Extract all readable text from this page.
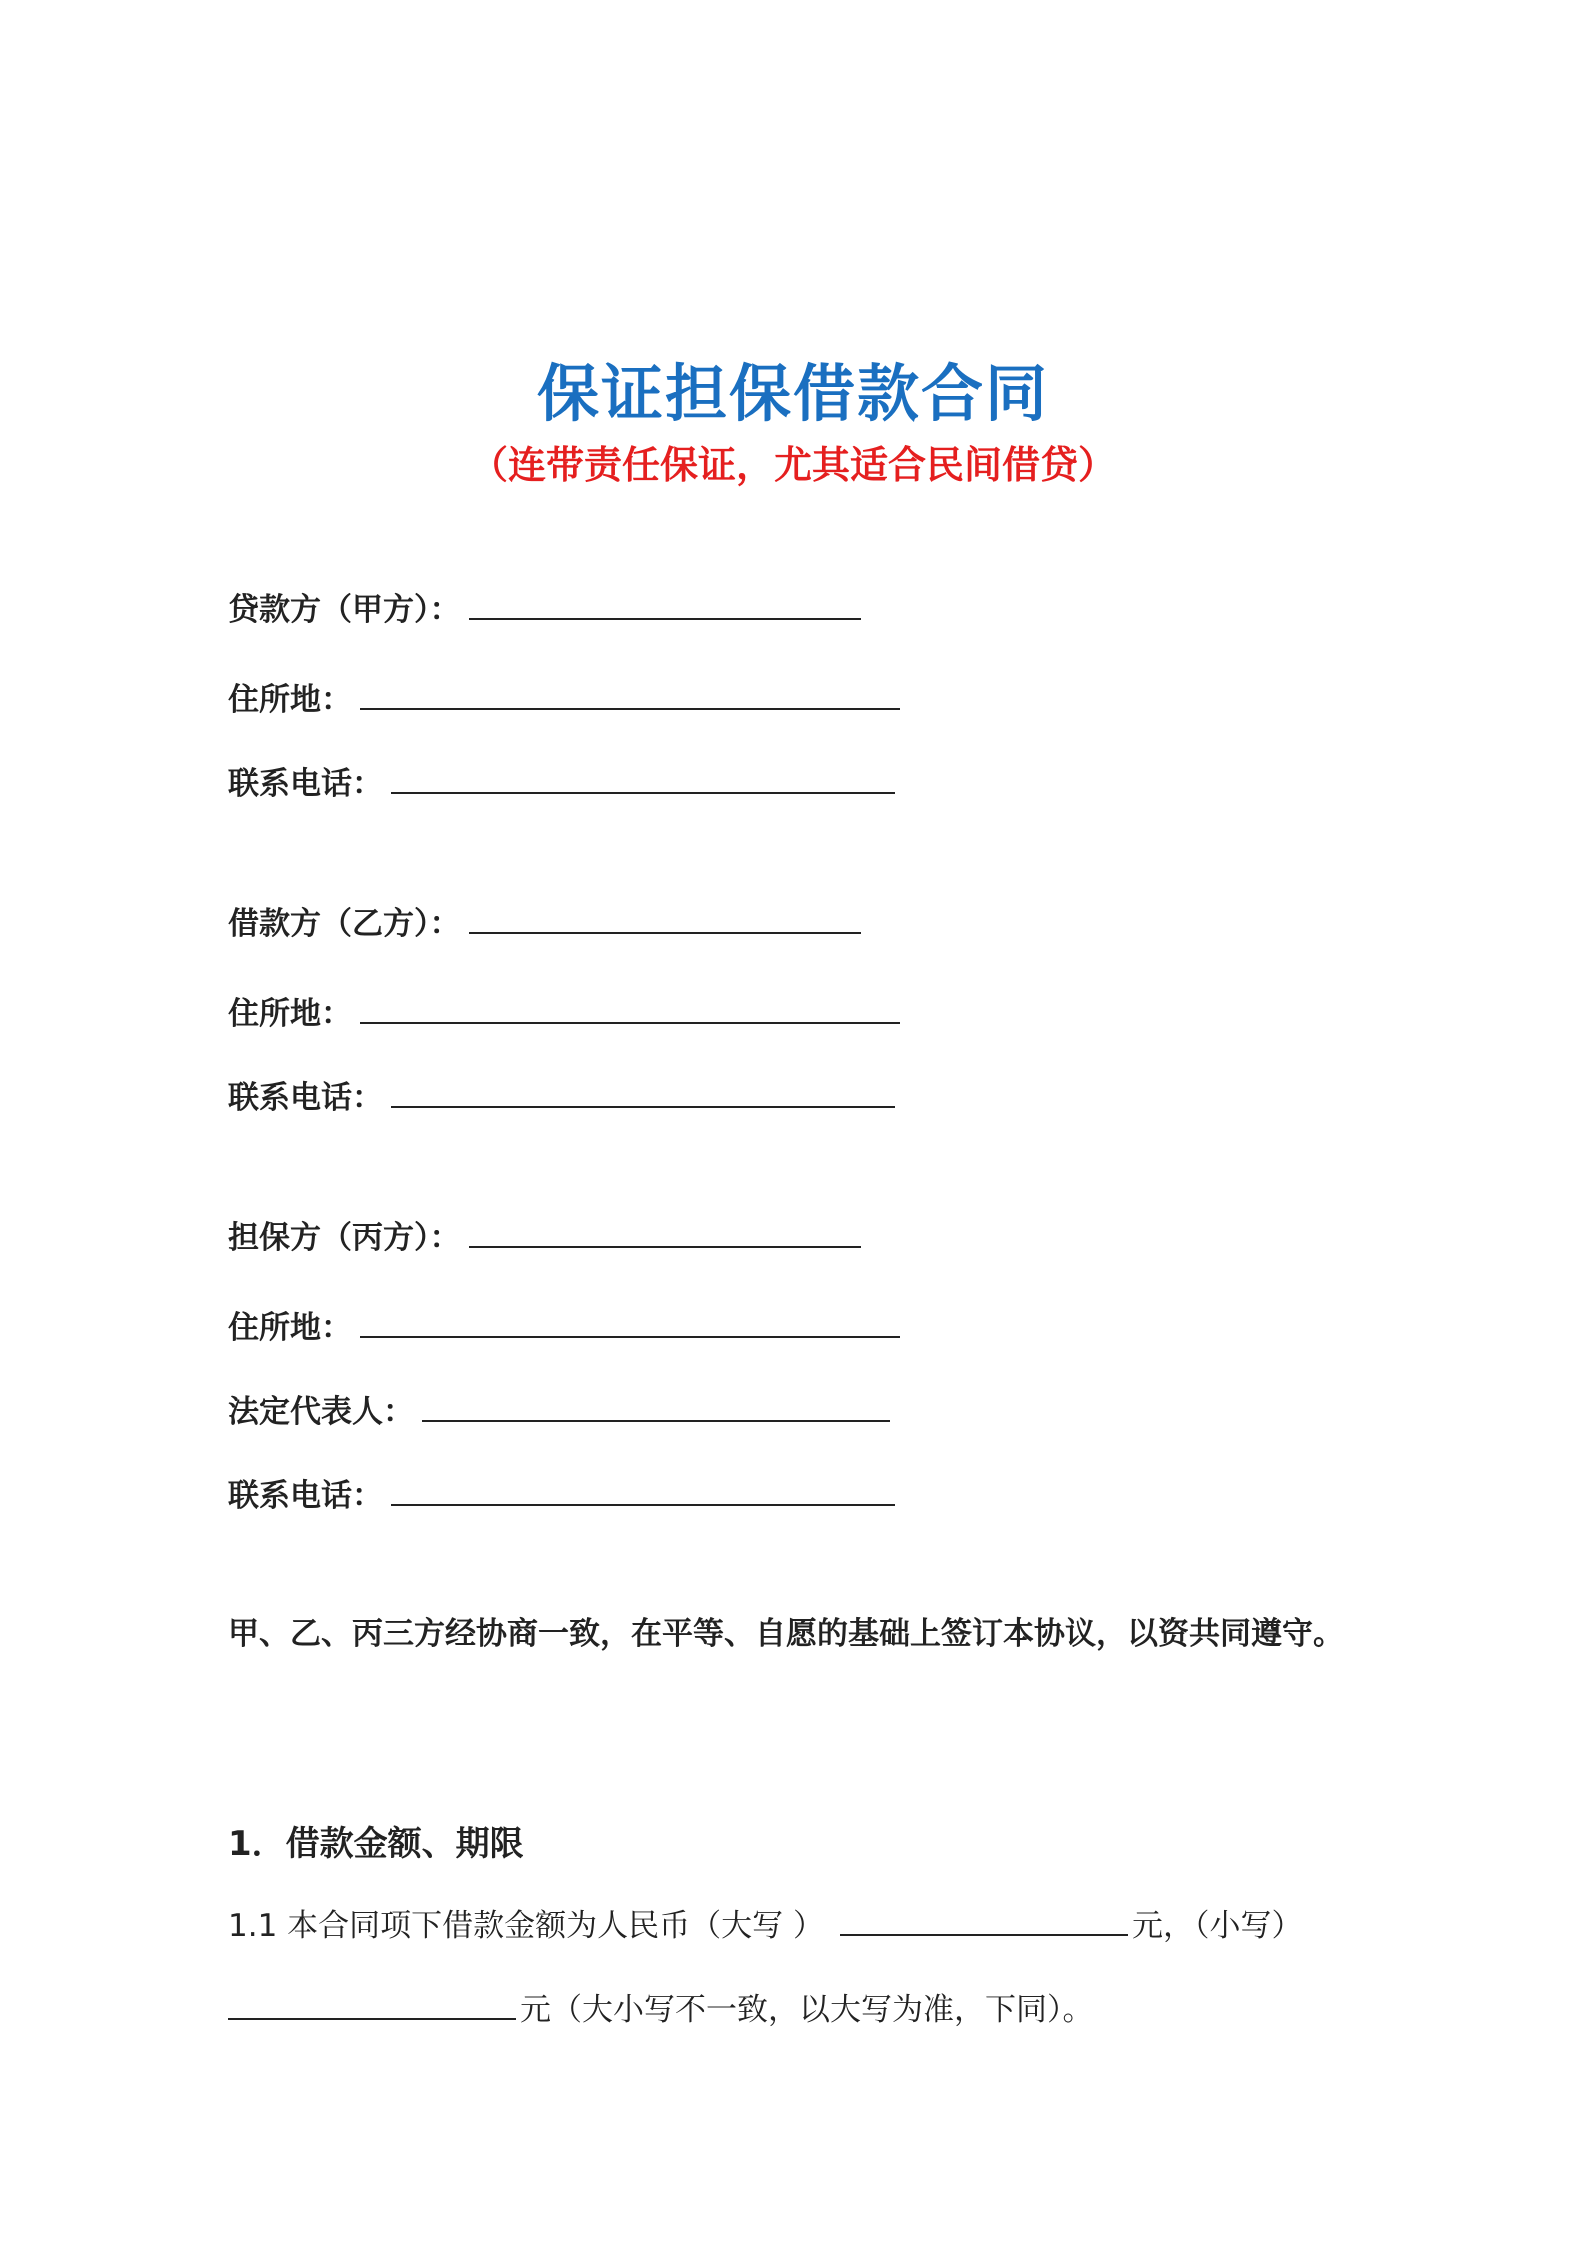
保证担保借款合同
（连带责任保证，尤其适合民间借贷）
贷款方（甲方）：
住所地：
联系电话：
借款方（乙方）：
住所地：
联系电话：
担保方（丙方）：
住所地：
法定代表人：
联系电话：
甲、乙、丙三方经协商一致，在平等、自愿的基础上签订本协议，以资共同遵守。
1．借款金额、期限
1.1 本合同项下借款金额为人民币（大写 ）	元，（小写）
元（大小写不一致，以大写为准，下同）。
